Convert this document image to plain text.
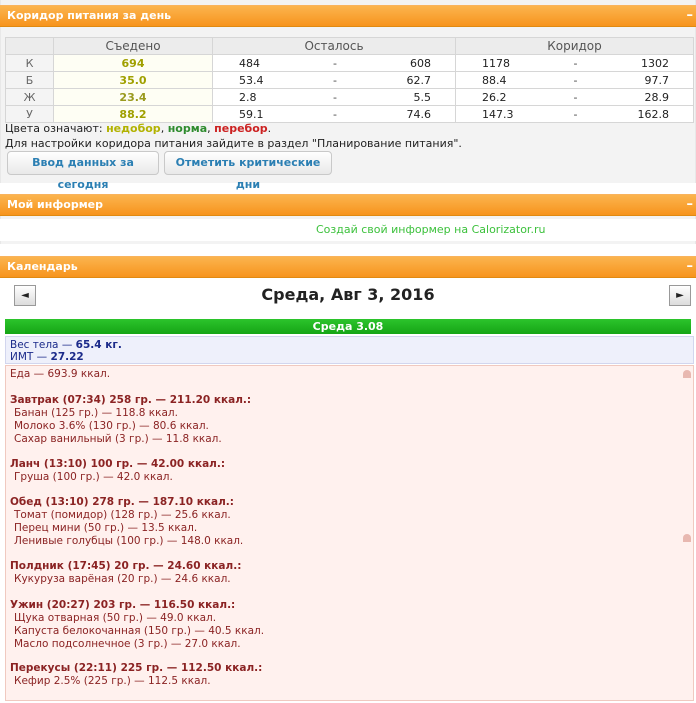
Коридор питания за день	–
	Съедено	Осталось	Коридор
К	694	484 - 608	1178 - 1302

Б	35.0	53.4 - 62.7	88.4 - 97.7

Ж	23.4	2.8 - 5.5	26.2 - 28.9

У	88.2	59.1 - 74.6	147.3 - 162.8
Цвета означают: недобор, норма, перебор.
Для настройки коридора питания зайдите в раздел "Планирование питания".
Ввод данных за сегодня
Отметить критические дни
Мой информер	–
Создай свой информер на Calorizator.ru
Календарь	–
Среда, Авг 3, 2016
◄	►
Среда 3.08
Вес тела — 65.4 кг.
ИМТ — 27.22
Еда — 693.9 ккал.
Завтрак (07:34) 258 гр. — 211.20 ккал.:
Банан (125 гр.) — 118.8 ккал.
Молоко 3.6% (130 гр.) — 80.6 ккал.
Сахар ванильный (3 гр.) — 11.8 ккал.
Ланч (13:10) 100 гр. — 42.00 ккал.:
Груша (100 гр.) — 42.0 ккал.
Обед (13:10) 278 гр. — 187.10 ккал.:
Томат (помидор) (128 гр.) — 25.6 ккал.
Перец мини (50 гр.) — 13.5 ккал.
Ленивые голубцы (100 гр.) — 148.0 ккал.
Полдник (17:45) 20 гр. — 24.60 ккал.:
Кукуруза варёная (20 гр.) — 24.6 ккал.
Ужин (20:27) 203 гр. — 116.50 ккал.:
Щука отварная (50 гр.) — 49.0 ккал.
Капуста белокочанная (150 гр.) — 40.5 ккал.
Масло подсолнечное (3 гр.) — 27.0 ккал.
Перекусы (22:11) 225 гр. — 112.50 ккал.:
Кефир 2.5% (225 гр.) — 112.5 ккал.
